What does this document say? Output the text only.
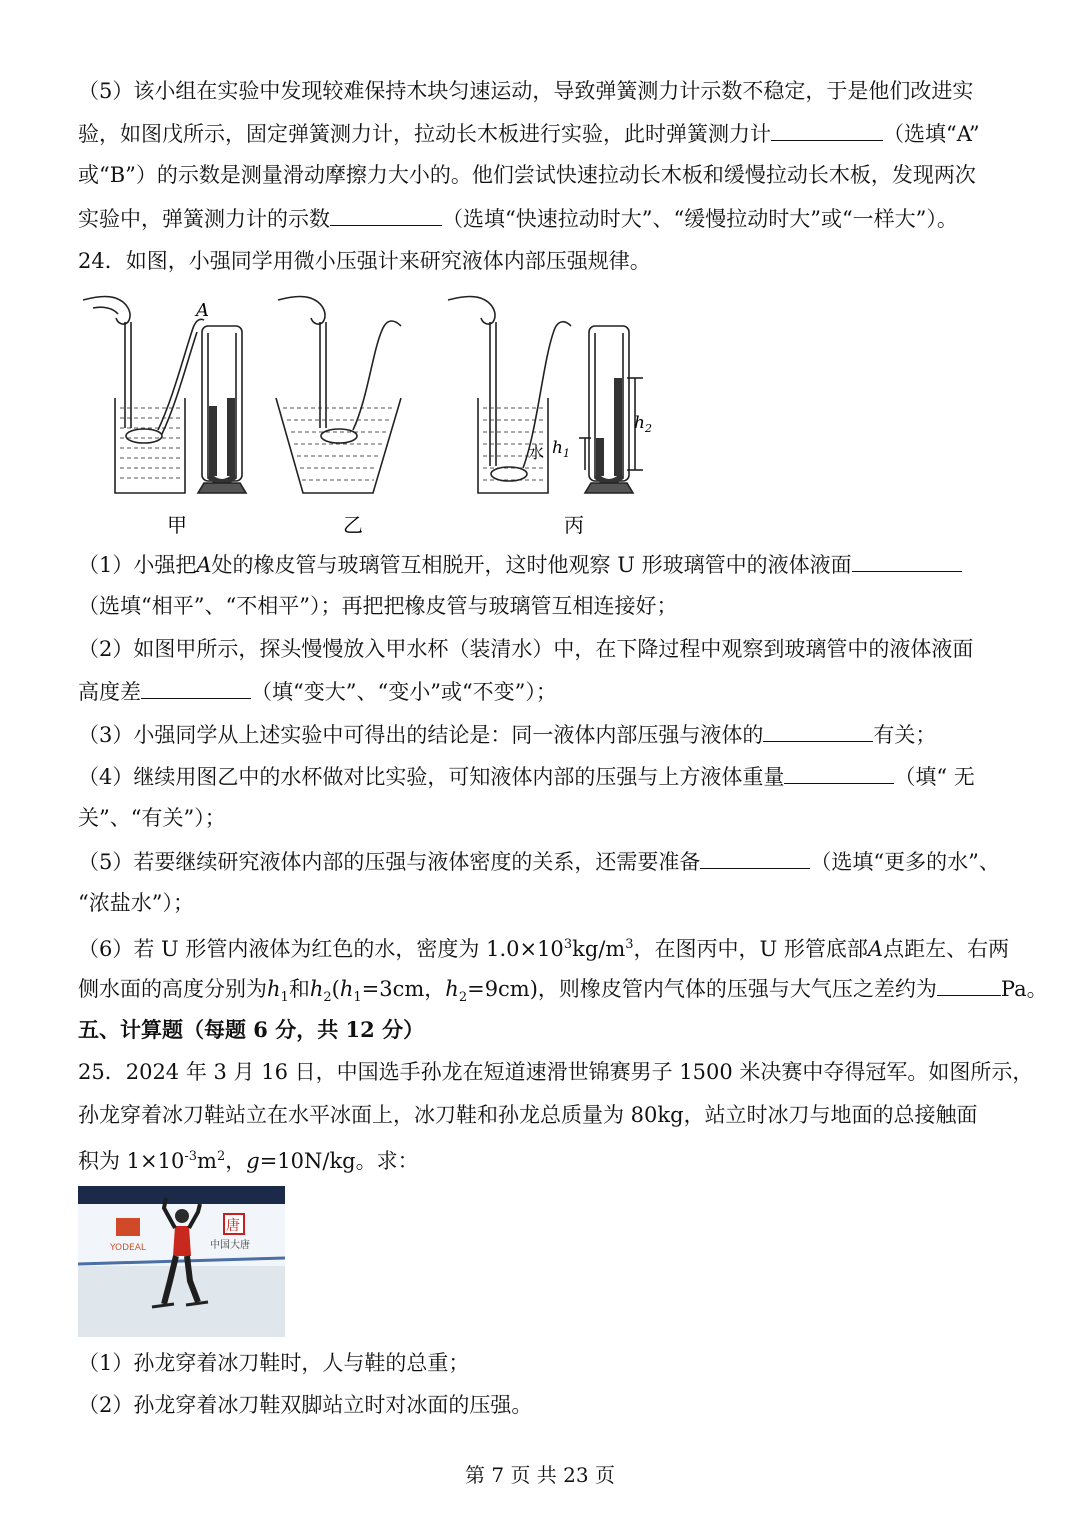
（5）该小组在实验中发现较难保持木块匀速运动，导致弹簧测力计示数不稳定，于是他们改进实
验，如图戊所示，固定弹簧测力计，拉动长木板进行实验，此时弹簧测力计	（选填“A”
或“B”）的示数是测量滑动摩擦力大小的。他们尝试快速拉动长木板和缓慢拉动长木板，发现两次
实验中，弹簧测力计的示数	（选填“快速拉动时大”、“缓慢拉动时大”或“一样大”）。
24．如图，小强同学用微小压强计来研究液体内部压强规律。
A
水 $h_1$
$h_2$
甲	乙	丙
（1）小强把A处的橡皮管与玻璃管互相脱开，这时他观察 U 形玻璃管中的液体液面
（选填“相平”、“不相平”）；再把把橡皮管与玻璃管互相连接好；
（2）如图甲所示，探头慢慢放入甲水杯（装清水）中，在下降过程中观察到玻璃管中的液体液面
高度差	（填“变大”、“变小”或“不变”）；
（3）小强同学从上述实验中可得出的结论是：同一液体内部压强与液体的	有关；
（4）继续用图乙中的水杯做对比实验，可知液体内部的压强与上方液体重量	（填“ 无
关”、“有关”）；
（5）若要继续研究液体内部的压强与液体密度的关系，还需要准备	（选填“更多的水”、
“浓盐水”）；
（6）若 U 形管内液体为红色的水，密度为 $1.0\times 10^3kg/m^3$，在图丙中，U 形管底部A点距左、右两
侧水面的高度分别为$h_1$和$h_2(h_1=3cm$，$h_2=9cm$)，则橡皮管内气体的压强与大气压之差约为	Pa。
五、计算题（每题 6 分，共 12 分）
25．2024 年 3 月 16 日，中国选手孙龙在短道速滑世锦赛男子 1500 米决赛中夺得冠军。如图所示，
孙龙穿着冰刀鞋站立在水平冰面上，冰刀鞋和孙龙总质量为 80kg，站立时冰刀与地面的总接触面
积为 $1\times 10^{-3}m^2$，g=10N/kg。求：
YODEAL
唐
中国大唐
（1）孙龙穿着冰刀鞋时，人与鞋的总重；
（2）孙龙穿着冰刀鞋双脚站立时对冰面的压强。
第 7 页 共 23 页
